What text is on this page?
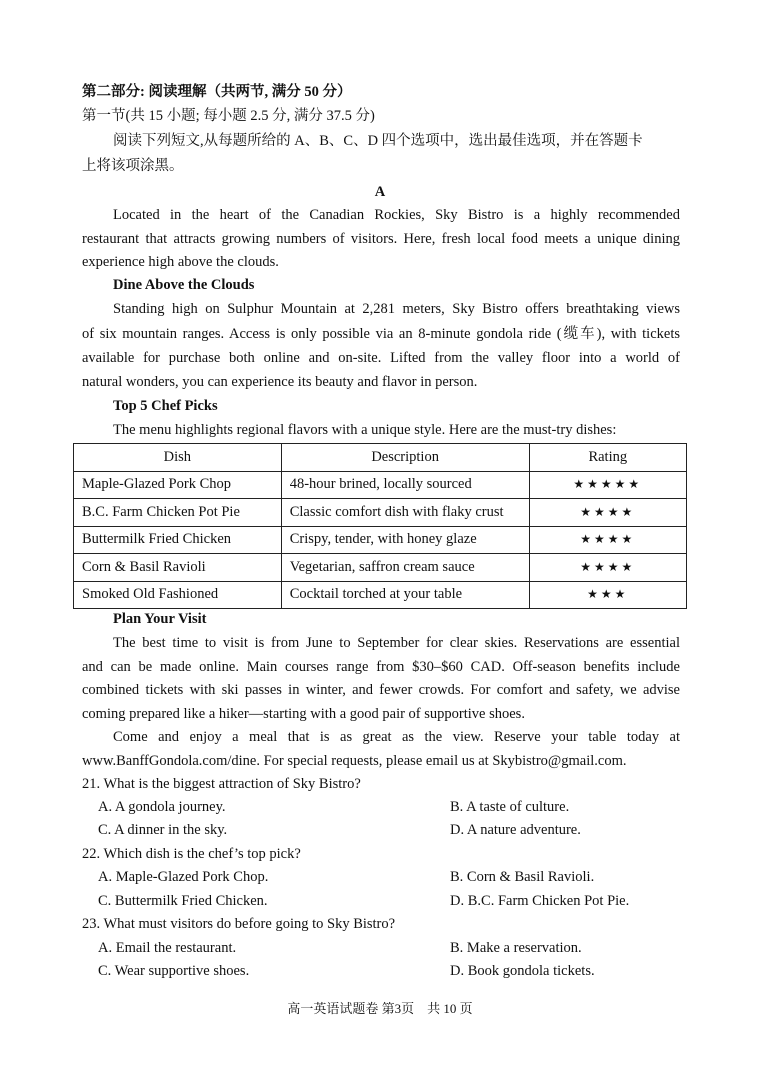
第二部分: 阅读理解（共两节, 满分 50 分）
第一节(共 15 小题; 每小题 2.5 分, 满分 37.5 分)
阅读下列短文,从每题所给的 A、B、C、D 四个选项中，选出最佳选项，并在答题卡
上将该项涂黑。
A
Located in the heart of the Canadian Rockies, Sky Bistro is a highly recommended
restaurant that attracts growing numbers of visitors. Here, fresh local food meets a unique dining
experience high above the clouds.
Dine Above the Clouds
Standing high on Sulphur Mountain at 2,281 meters, Sky Bistro offers breathtaking views
of six mountain ranges. Access is only possible via an 8-minute gondola ride (缆车), with tickets
available for purchase both online and on-site. Lifted from the valley floor into a world of
natural wonders, you can experience its beauty and flavor in person.
Top 5 Chef Picks
The menu highlights regional flavors with a unique style. Here are the must-try dishes:
Dish	Description	Rating
Maple-Glazed Pork Chop	48-hour brined, locally sourced	★★★★★
B.C. Farm Chicken Pot Pie	Classic comfort dish with flaky crust	★★★★
Buttermilk Fried Chicken	Crispy, tender, with honey glaze	★★★★
Corn & Basil Ravioli	Vegetarian, saffron cream sauce	★★★★
Smoked Old Fashioned	Cocktail torched at your table	★★★
Plan Your Visit
The best time to visit is from June to September for clear skies. Reservations are essential
and can be made online. Main courses range from $30–$60 CAD. Off-season benefits include
combined tickets with ski passes in winter, and fewer crowds. For comfort and safety, we advise
coming prepared like a hiker—starting with a good pair of supportive shoes.
Come and enjoy a meal that is as great as the view. Reserve your table today at
www.BanffGondola.com/dine. For special requests, please email us at Skybistro@gmail.com.
21. What is the biggest attraction of Sky Bistro?
A. A gondola journey.	B. A taste of culture.
C. A dinner in the sky.	D. A nature adventure.
22. Which dish is the chef’s top pick?
A. Maple-Glazed Pork Chop.	B. Corn & Basil Ravioli.
C. Buttermilk Fried Chicken.	D. B.C. Farm Chicken Pot Pie.
23. What must visitors do before going to Sky Bistro?
A. Email the restaurant.	B. Make a reservation.
C. Wear supportive shoes.	D. Book gondola tickets.
高一英语试题卷 第3页　共 10 页
